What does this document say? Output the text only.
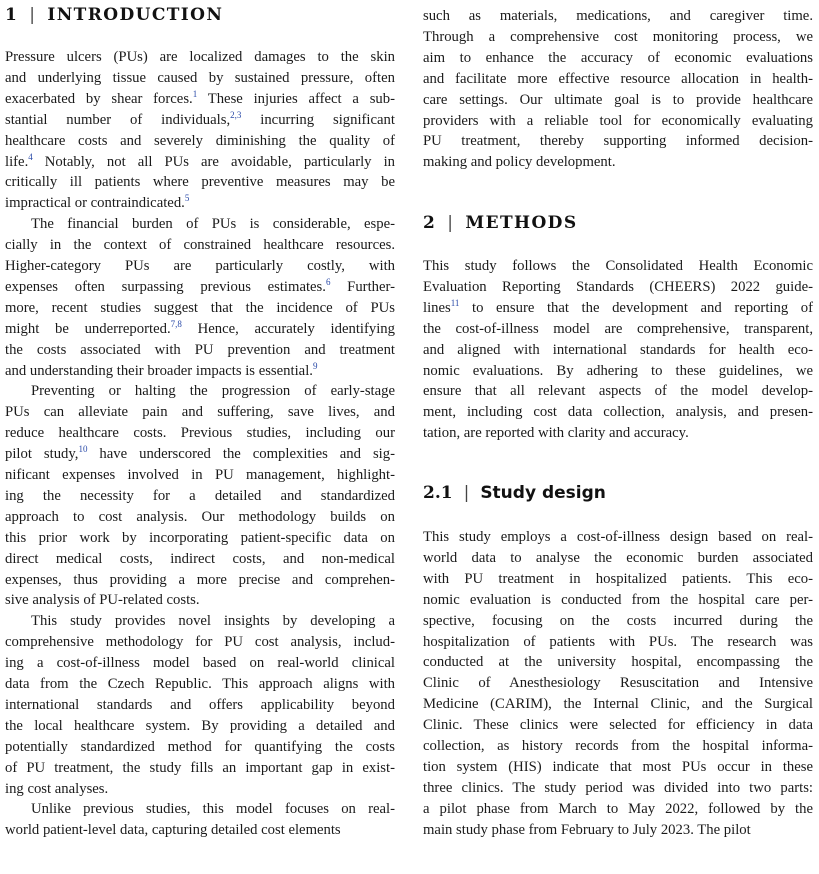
1 | INTRODUCTION
Pressure ulcers (PUs) are localized damages to the skin
and underlying tissue caused by sustained pressure, often
exacerbated by shear forces.$^1$ These injuries affect a sub-
stantial number of individuals,$^{2,3}$ incurring significant
healthcare costs and severely diminishing the quality of
life.$^4$ Notably, not all PUs are avoidable, particularly in
critically ill patients where preventive measures may be
impractical or contraindicated.$^5$
The financial burden of PUs is considerable, espe-
cially in the context of constrained healthcare resources.
Higher-category PUs are particularly costly, with
expenses often surpassing previous estimates.$^6$ Further-
more, recent studies suggest that the incidence of PUs
might be underreported.$^{7,8}$ Hence, accurately identifying
the costs associated with PU prevention and treatment
and understanding their broader impacts is essential.$^9$
Preventing or halting the progression of early-stage
PUs can alleviate pain and suffering, save lives, and
reduce healthcare costs. Previous studies, including our
pilot study,$^{10}$ have underscored the complexities and sig-
nificant expenses involved in PU management, highlight-
ing the necessity for a detailed and standardized
approach to cost analysis. Our methodology builds on
this prior work by incorporating patient-specific data on
direct medical costs, indirect costs, and non-medical
expenses, thus providing a more precise and comprehen-
sive analysis of PU-related costs.
This study provides novel insights by developing a
comprehensive methodology for PU cost analysis, includ-
ing a cost-of-illness model based on real-world clinical
data from the Czech Republic. This approach aligns with
international standards and offers applicability beyond
the local healthcare system. By providing a detailed and
potentially standardized method for quantifying the costs
of PU treatment, the study fills an important gap in exist-
ing cost analyses.
Unlike previous studies, this model focuses on real-
world patient-level data, capturing detailed cost elements
such as materials, medications, and caregiver time.
Through a comprehensive cost monitoring process, we
aim to enhance the accuracy of economic evaluations
and facilitate more effective resource allocation in health-
care settings. Our ultimate goal is to provide healthcare
providers with a reliable tool for economically evaluating
PU treatment, thereby supporting informed decision-
making and policy development.
2 | METHODS
This study follows the Consolidated Health Economic
Evaluation Reporting Standards (CHEERS) 2022 guide-
lines$^{11}$ to ensure that the development and reporting of
the cost-of-illness model are comprehensive, transparent,
and aligned with international standards for health eco-
nomic evaluations. By adhering to these guidelines, we
ensure that all relevant aspects of the model develop-
ment, including cost data collection, analysis, and presen-
tation, are reported with clarity and accuracy.
2.1 | Study design
This study employs a cost-of-illness design based on real-
world data to analyse the economic burden associated
with PU treatment in hospitalized patients. This eco-
nomic evaluation is conducted from the hospital care per-
spective, focusing on the costs incurred during the
hospitalization of patients with PUs. The research was
conducted at the university hospital, encompassing the
Clinic of Anesthesiology Resuscitation and Intensive
Medicine (CARIM), the Internal Clinic, and the Surgical
Clinic. These clinics were selected for efficiency in data
collection, as history records from the hospital informa-
tion system (HIS) indicate that most PUs occur in these
three clinics. The study period was divided into two parts:
a pilot phase from March to May 2022, followed by the
main study phase from February to July 2023. The pilot
